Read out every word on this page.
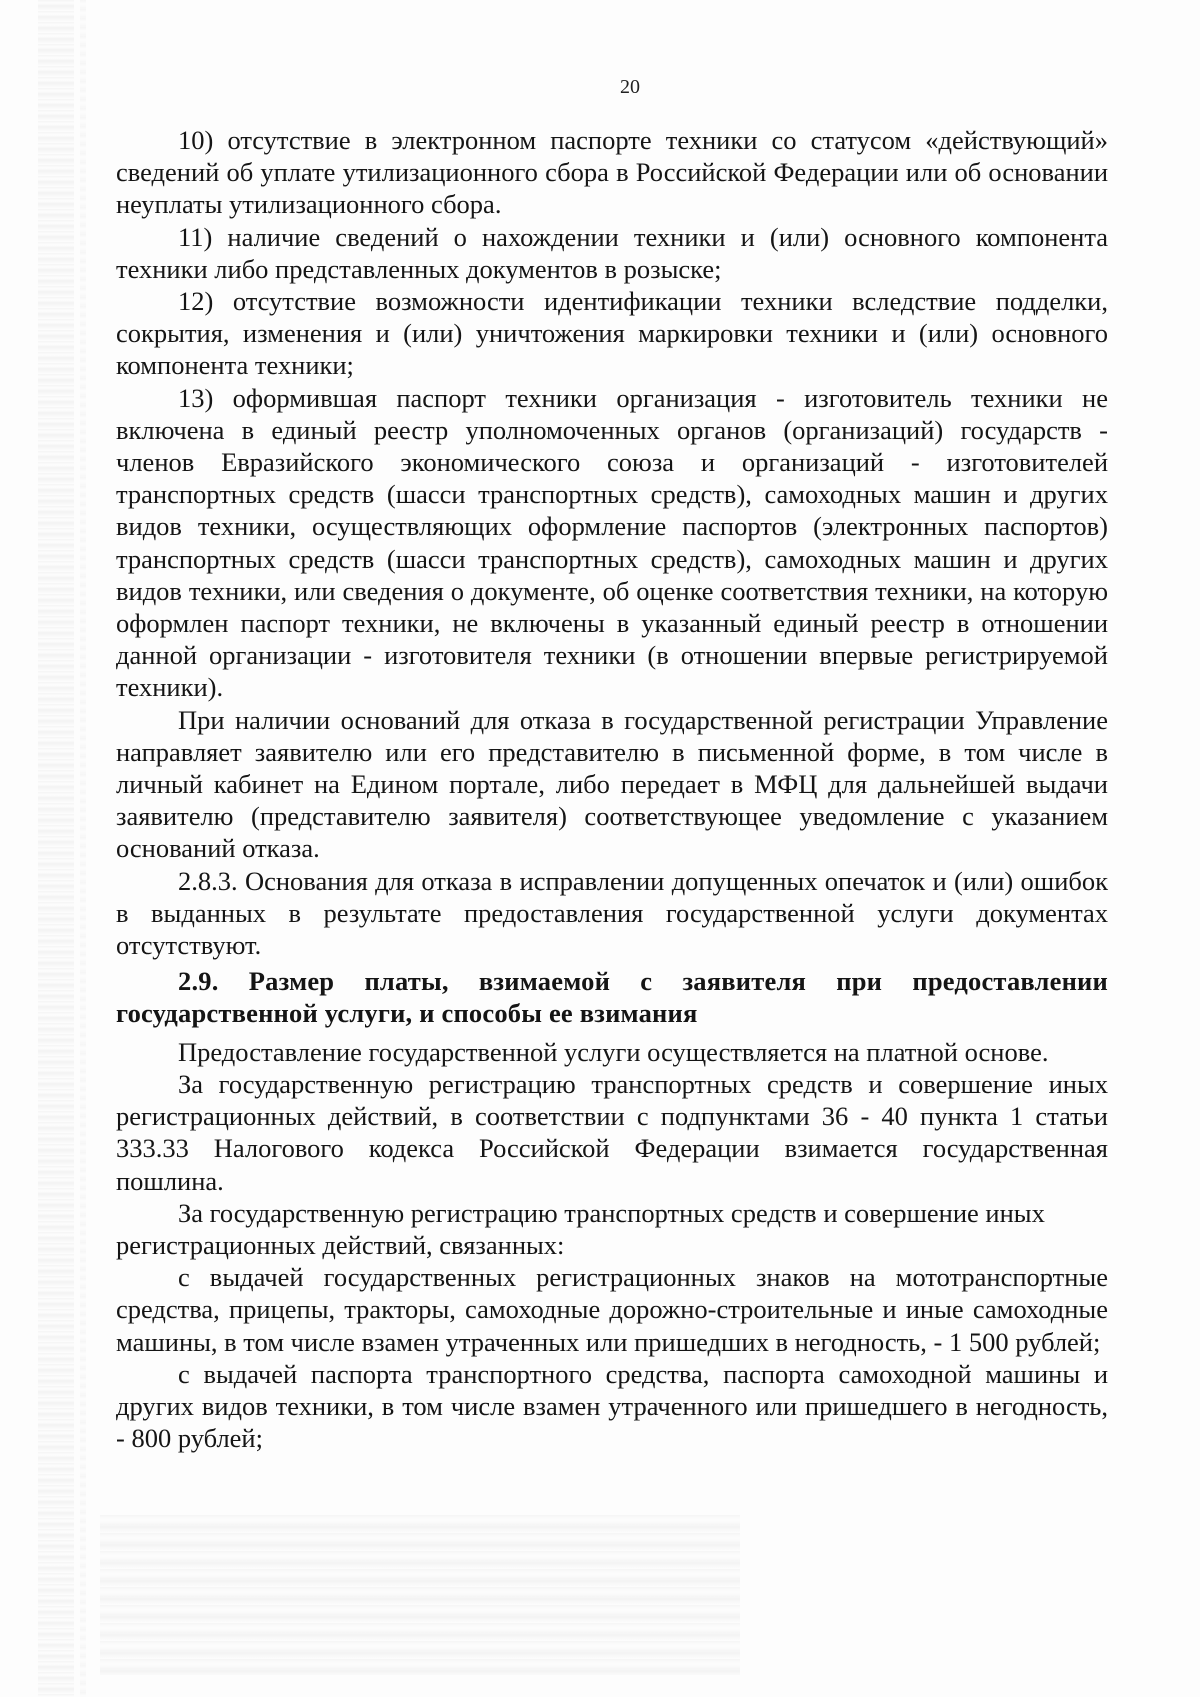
20

10) отсутствие в электронном паспорте техники со статусом «действующий» сведений об уплате утилизационного сбора в Российской Федерации или об основании неуплаты утилизационного сбора.

11) наличие сведений о нахождении техники и (или) основного компонента техники либо представленных документов в розыске;

12) отсутствие возможности идентификации техники вследствие подделки, сокрытия, изменения и (или) уничтожения маркировки техники и (или) основного компонента техники;

13) оформившая паспорт техники организация - изготовитель техники не включена в единый реестр уполномоченных органов (организаций) государств - членов Евразийского экономического союза и организаций - изготовителей транспортных средств (шасси транспортных средств), самоходных машин и других видов техники, осуществляющих оформление паспортов (электронных паспортов) транспортных средств (шасси транспортных средств), самоходных машин и других видов техники, или сведения о документе, об оценке соответствия техники, на которую оформлен паспорт техники, не включены в указанный единый реестр в отношении данной организации - изготовителя техники (в отношении впервые регистрируемой техники).

При наличии оснований для отказа в государственной регистрации Управление направляет заявителю или его представителю в письменной форме, в том числе в личный кабинет на Едином портале, либо передает в МФЦ для дальнейшей выдачи заявителю (представителю заявителя) соответствующее уведомление с указанием оснований отказа.

2.8.3. Основания для отказа в исправлении допущенных опечаток и (или) ошибок в выданных в результате предоставления государственной услуги документах отсутствуют.

2.9. Размер платы, взимаемой с заявителя при предоставлении государственной услуги, и способы ее взимания

Предоставление государственной услуги осуществляется на платной основе.

За государственную регистрацию транспортных средств и совершение иных регистрационных действий, в соответствии с подпунктами 36 - 40 пункта 1 статьи 333.33 Налогового кодекса Российской Федерации взимается государственная пошлина.

За государственную регистрацию транспортных средств и совершение иных регистрационных действий, связанных:

с выдачей государственных регистрационных знаков на мототранспортные средства, прицепы, тракторы, самоходные дорожно-строительные и иные самоходные машины, в том числе взамен утраченных или пришедших в негодность, - 1 500 рублей;

с выдачей паспорта транспортного средства, паспорта самоходной машины и других видов техники, в том числе взамен утраченного или пришедшего в негодность, - 800 рублей;
